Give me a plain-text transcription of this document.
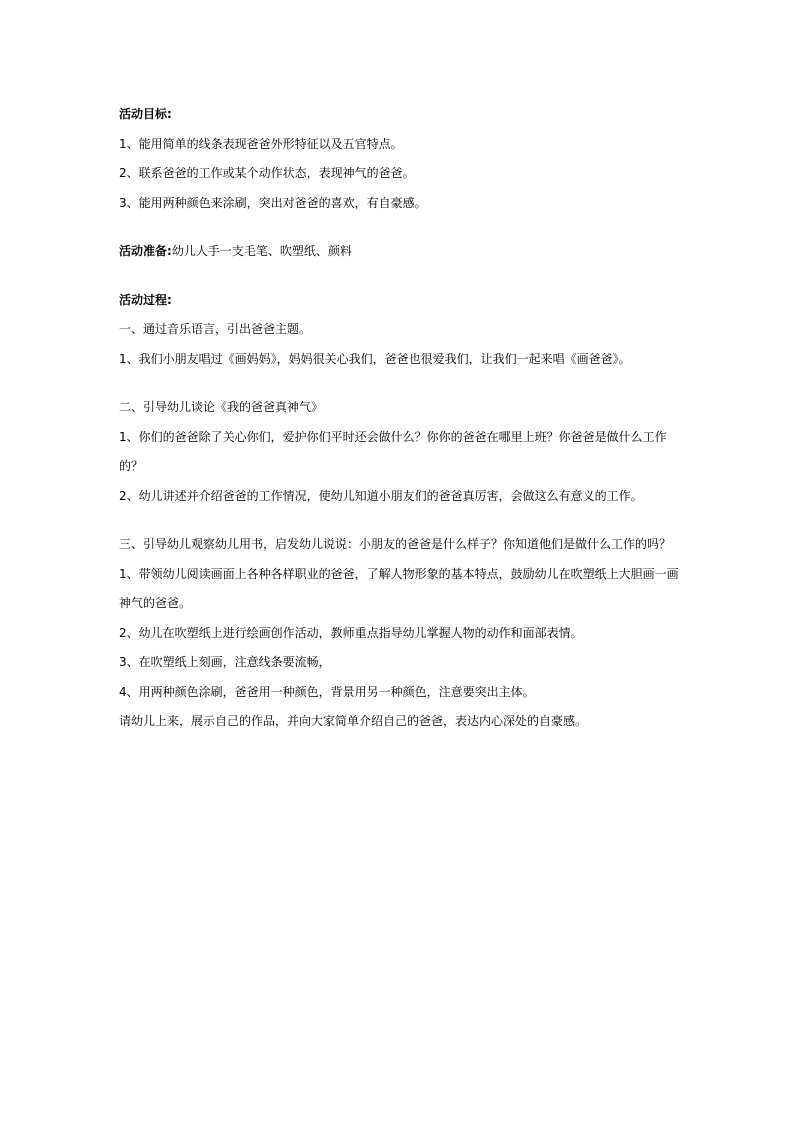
活动目标:
1、能用简单的线条表现爸爸外形特征以及五官特点。
2、联系爸爸的工作或某个动作状态，表现神气的爸爸。
3、能用两种颜色来涂刷，突出对爸爸的喜欢，有自豪感。
活动准备:幼儿人手一支毛笔、吹塑纸、颜料
活动过程:
一、通过音乐语言，引出爸爸主题。
1、我们小朋友唱过《画妈妈》，妈妈很关心我们，爸爸也很爱我们，让我们一起来唱《画爸爸》。
二、引导幼儿谈论《我的爸爸真神气》
1、你们的爸爸除了关心你们，爱护你们平时还会做什么？你你的爸爸在哪里上班？你爸爸是做什么工作的？
2、幼儿讲述并介绍爸爸的工作情况，使幼儿知道小朋友们的爸爸真厉害，会做这么有意义的工作。
三、引导幼儿观察幼儿用书，启发幼儿说说：小朋友的爸爸是什么样子？你知道他们是做什么工作的吗？
1、带领幼儿阅读画面上各种各样职业的爸爸，了解人物形象的基本特点，鼓励幼儿在吹塑纸上大胆画一画神气的爸爸。
2、幼儿在吹塑纸上进行绘画创作活动，教师重点指导幼儿掌握人物的动作和面部表情。
3、在吹塑纸上刻画，注意线条要流畅，
4、用两种颜色涂刷，爸爸用一种颜色，背景用另一种颜色，注意要突出主体。
请幼儿上来，展示自己的作品，并向大家简单介绍自己的爸爸，表达内心深处的自豪感。
